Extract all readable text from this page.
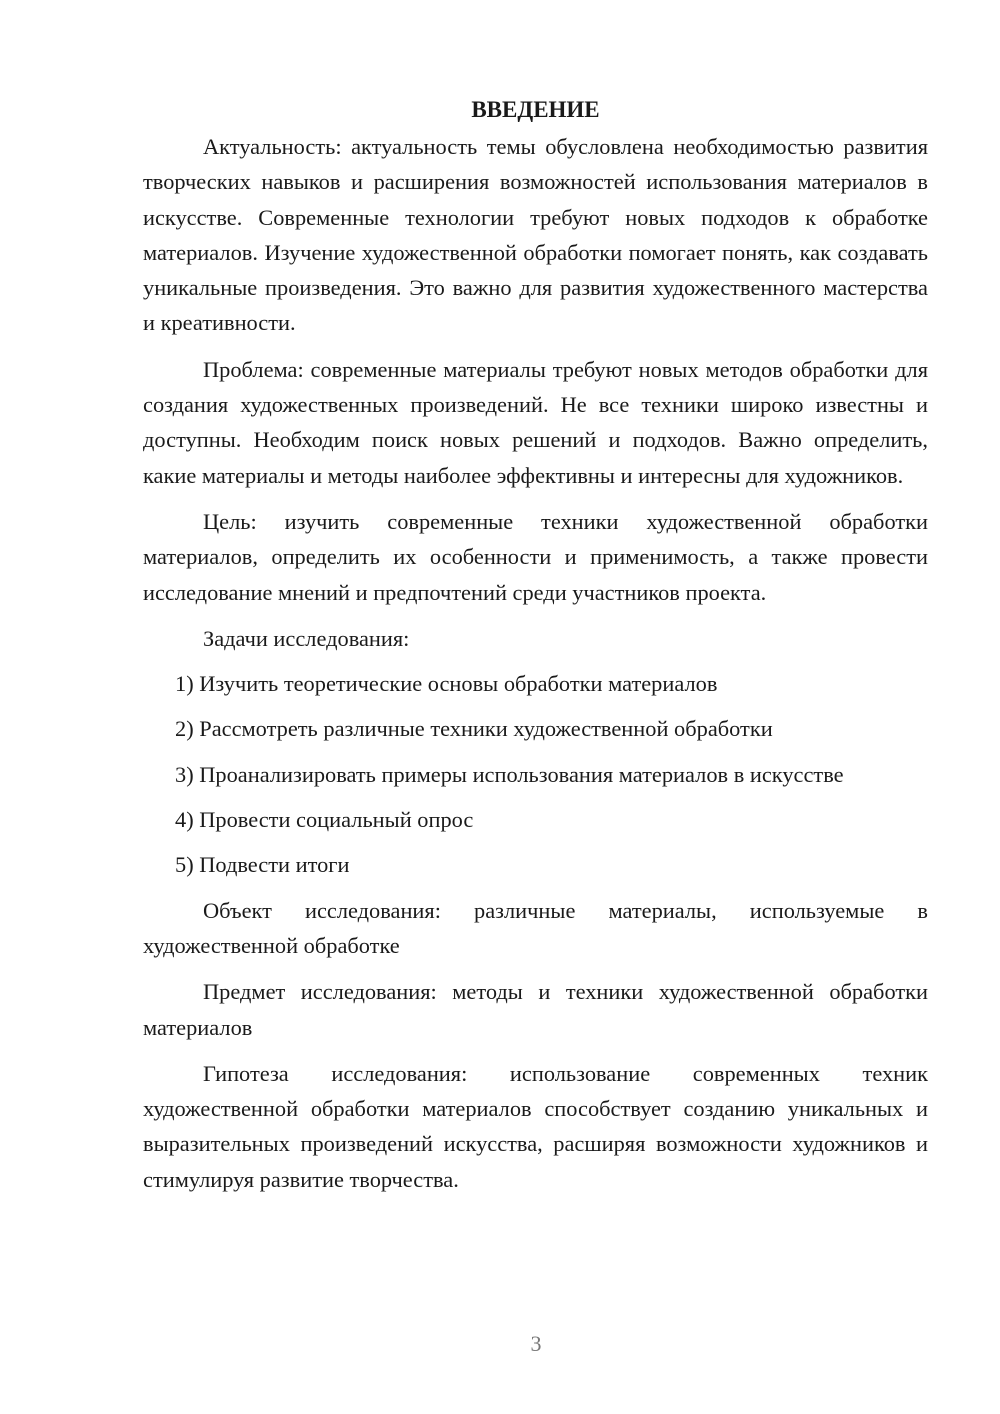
ВВЕДЕНИЕ

Актуальность: актуальность темы обусловлена необходимостью развития творческих навыков и расширения возможностей использования материалов в искусстве. Современные технологии требуют новых подходов к обработке материалов. Изучение художественной обработки помогает понять, как создавать уникальные произведения. Это важно для развития художественного мастерства и креативности.

Проблема: современные материалы требуют новых методов обработки для создания художественных произведений. Не все техники широко известны и доступны. Необходим поиск новых решений и подходов. Важно определить, какие материалы и методы наиболее эффективны и интересны для художников.

Цель: изучить современные техники художественной обработки материалов, определить их особенности и применимость, а также провести исследование мнений и предпочтений среди участников проекта.

Задачи исследования:

1) Изучить теоретические основы обработки материалов
2) Рассмотреть различные техники художественной обработки
3) Проанализировать примеры использования материалов в искусстве
4) Провести социальный опрос
5) Подвести итоги

Объект исследования: различные материалы, используемые в художественной обработке

Предмет исследования: методы и техники художественной обработки материалов

Гипотеза исследования: использование современных техник художественной обработки материалов способствует созданию уникальных и выразительных произведений искусства, расширяя возможности художников и стимулируя развитие творчества.

3
